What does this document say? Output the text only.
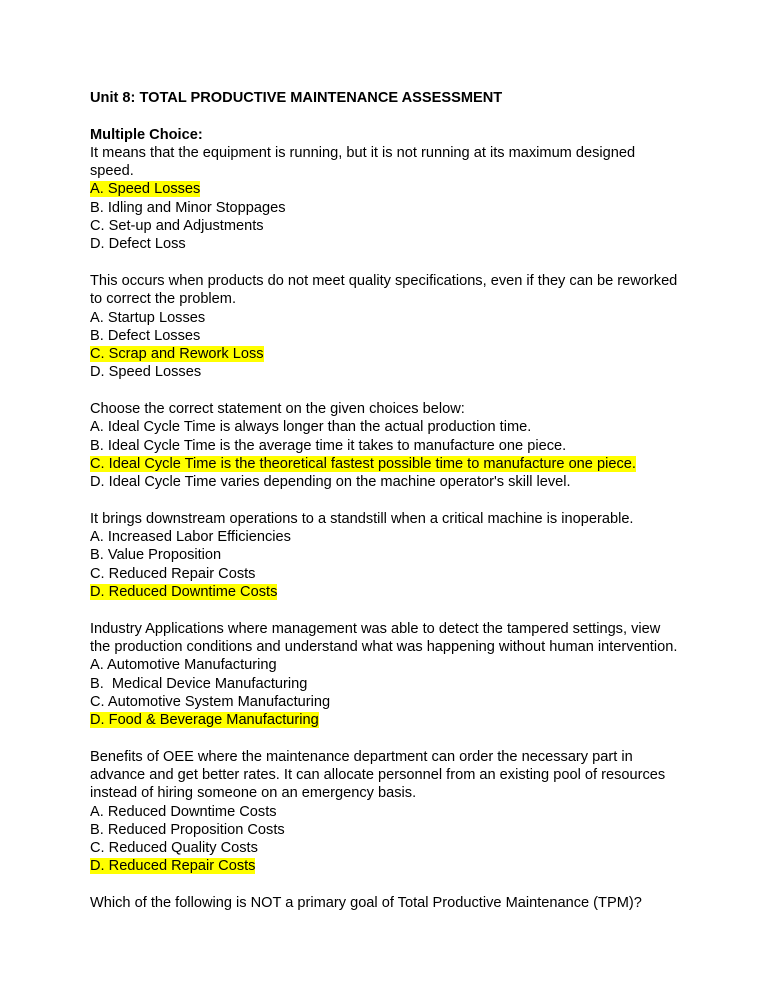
Unit 8: TOTAL PRODUCTIVE MAINTENANCE ASSESSMENT

Multiple Choice:

It means that the equipment is running, but it is not running at its maximum designed speed.

A. Speed Losses

B. Idling and Minor Stoppages

C. Set-up and Adjustments

D. Defect Loss

This occurs when products do not meet quality specifications, even if they can be reworked to correct the problem.

A. Startup Losses

B. Defect Losses

C. Scrap and Rework Loss

D. Speed Losses

Choose the correct statement on the given choices below:

A. Ideal Cycle Time is always longer than the actual production time.

B. Ideal Cycle Time is the average time it takes to manufacture one piece.

C. Ideal Cycle Time is the theoretical fastest possible time to manufacture one piece.

D. Ideal Cycle Time varies depending on the machine operator's skill level.

It brings downstream operations to a standstill when a critical machine is inoperable.

A. Increased Labor Efficiencies

B. Value Proposition

C. Reduced Repair Costs

D. Reduced Downtime Costs

Industry Applications where management was able to detect the tampered settings, view the production conditions and understand what was happening without human intervention.

A. Automotive Manufacturing

B.  Medical Device Manufacturing

C. Automotive System Manufacturing

D. Food & Beverage Manufacturing

Benefits of OEE where the maintenance department can order the necessary part in advance and get better rates. It can allocate personnel from an existing pool of resources instead of hiring someone on an emergency basis.

A. Reduced Downtime Costs

B. Reduced Proposition Costs

C. Reduced Quality Costs

D. Reduced Repair Costs

Which of the following is NOT a primary goal of Total Productive Maintenance (TPM)?
